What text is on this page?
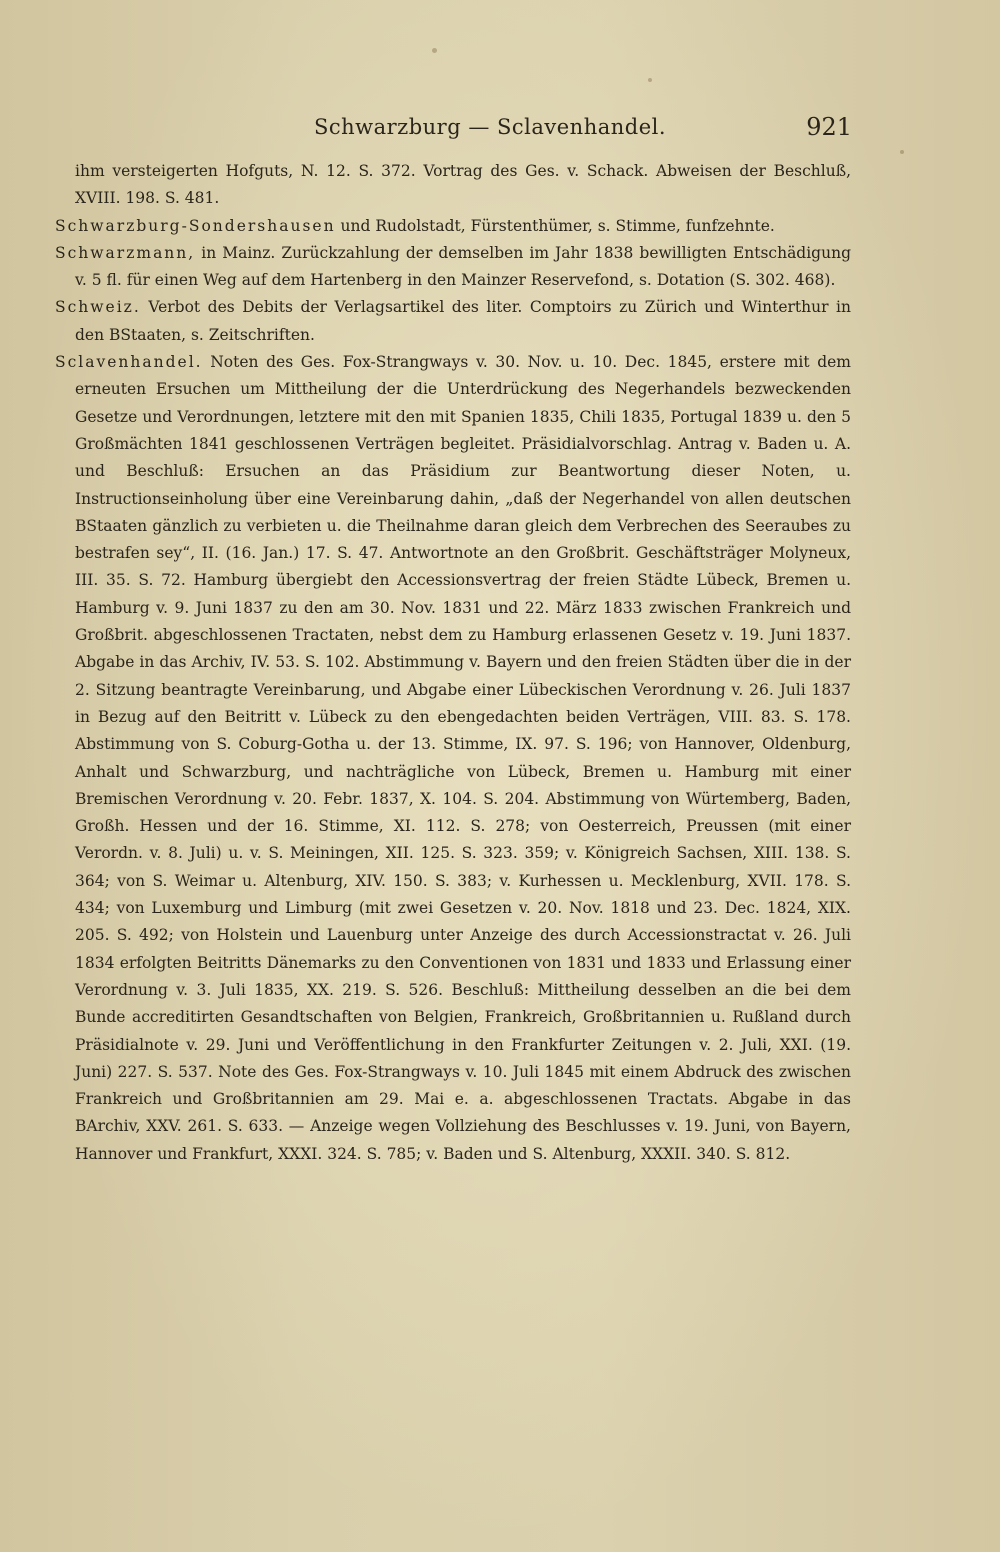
Schwarzburg — Sclavenhandel.	921

ihm versteigerten Hofguts, N. 12. S. 372. Vortrag des Ges. v. Schack. Abweisen der Beschluß, XVIII. 198. S. 481.

Schwarzburg-Sondershausen und Rudolstadt, Fürstenthümer, s. Stimme, funfzehnte.

Schwarzmann, in Mainz. Zurückzahlung der demselben im Jahr 1838 bewilligten Entschädigung v. 5 fl. für einen Weg auf dem Hartenberg in den Mainzer Reservefond, s. Dotation (S. 302. 468).

Schweiz. Verbot des Debits der Verlagsartikel des liter. Comptoirs zu Zürich und Winterthur in den BStaaten, s. Zeitschriften.

Sclavenhandel. Noten des Ges. Fox-Strangways v. 30. Nov. u. 10. Dec. 1845, erstere mit dem erneuten Ersuchen um Mittheilung der die Unterdrückung des Negerhandels bezweckenden Gesetze und Verordnungen, letztere mit den mit Spanien 1835, Chili 1835, Portugal 1839 u. den 5 Großmächten 1841 geschlossenen Verträgen begleitet. Präsidialvorschlag. Antrag v. Baden u. A. und Beschluß: Ersuchen an das Präsidium zur Beantwortung dieser Noten, u. Instructionseinholung über eine Vereinbarung dahin, „daß der Negerhandel von allen deutschen BStaaten gänzlich zu verbieten u. die Theilnahme daran gleich dem Verbrechen des Seeraubes zu bestrafen sey“, II. (16. Jan.) 17. S. 47. Antwortnote an den Großbrit. Geschäftsträger Molyneux, III. 35. S. 72. Hamburg übergiebt den Accessionsvertrag der freien Städte Lübeck, Bremen u. Hamburg v. 9. Juni 1837 zu den am 30. Nov. 1831 und 22. März 1833 zwischen Frankreich und Großbrit. abgeschlossenen Tractaten, nebst dem zu Hamburg erlassenen Gesetz v. 19. Juni 1837. Abgabe in das Archiv, IV. 53. S. 102. Abstimmung v. Bayern und den freien Städten über die in der 2. Sitzung beantragte Vereinbarung, und Abgabe einer Lübeckischen Verordnung v. 26. Juli 1837 in Bezug auf den Beitritt v. Lübeck zu den ebengedachten beiden Verträgen, VIII. 83. S. 178. Abstimmung von S. Coburg-Gotha u. der 13. Stimme, IX. 97. S. 196; von Hannover, Oldenburg, Anhalt und Schwarzburg, und nachträgliche von Lübeck, Bremen u. Hamburg mit einer Bremischen Verordnung v. 20. Febr. 1837, X. 104. S. 204. Abstimmung von Würtemberg, Baden, Großh. Hessen und der 16. Stimme, XI. 112. S. 278; von Oesterreich, Preussen (mit einer Verordn. v. 8. Juli) u. v. S. Meiningen, XII. 125. S. 323. 359; v. Königreich Sachsen, XIII. 138. S. 364; von S. Weimar u. Altenburg, XIV. 150. S. 383; v. Kurhessen u. Mecklenburg, XVII. 178. S. 434; von Luxemburg und Limburg (mit zwei Gesetzen v. 20. Nov. 1818 und 23. Dec. 1824, XIX. 205. S. 492; von Holstein und Lauenburg unter Anzeige des durch Accessionstractat v. 26. Juli 1834 erfolgten Beitritts Dänemarks zu den Conventionen von 1831 und 1833 und Erlassung einer Verordnung v. 3. Juli 1835, XX. 219. S. 526. Beschluß: Mittheilung desselben an die bei dem Bunde accreditirten Gesandtschaften von Belgien, Frankreich, Großbritannien u. Rußland durch Präsidialnote v. 29. Juni und Veröffentlichung in den Frankfurter Zeitungen v. 2. Juli, XXI. (19. Juni) 227. S. 537. Note des Ges. Fox-Strangways v. 10. Juli 1845 mit einem Abdruck des zwischen Frankreich und Großbritannien am 29. Mai e. a. abgeschlossenen Tractats. Abgabe in das BArchiv, XXV. 261. S. 633. — Anzeige wegen Vollziehung des Beschlusses v. 19. Juni, von Bayern, Hannover und Frankfurt, XXXI. 324. S. 785; v. Baden und S. Altenburg, XXXII. 340. S. 812.
